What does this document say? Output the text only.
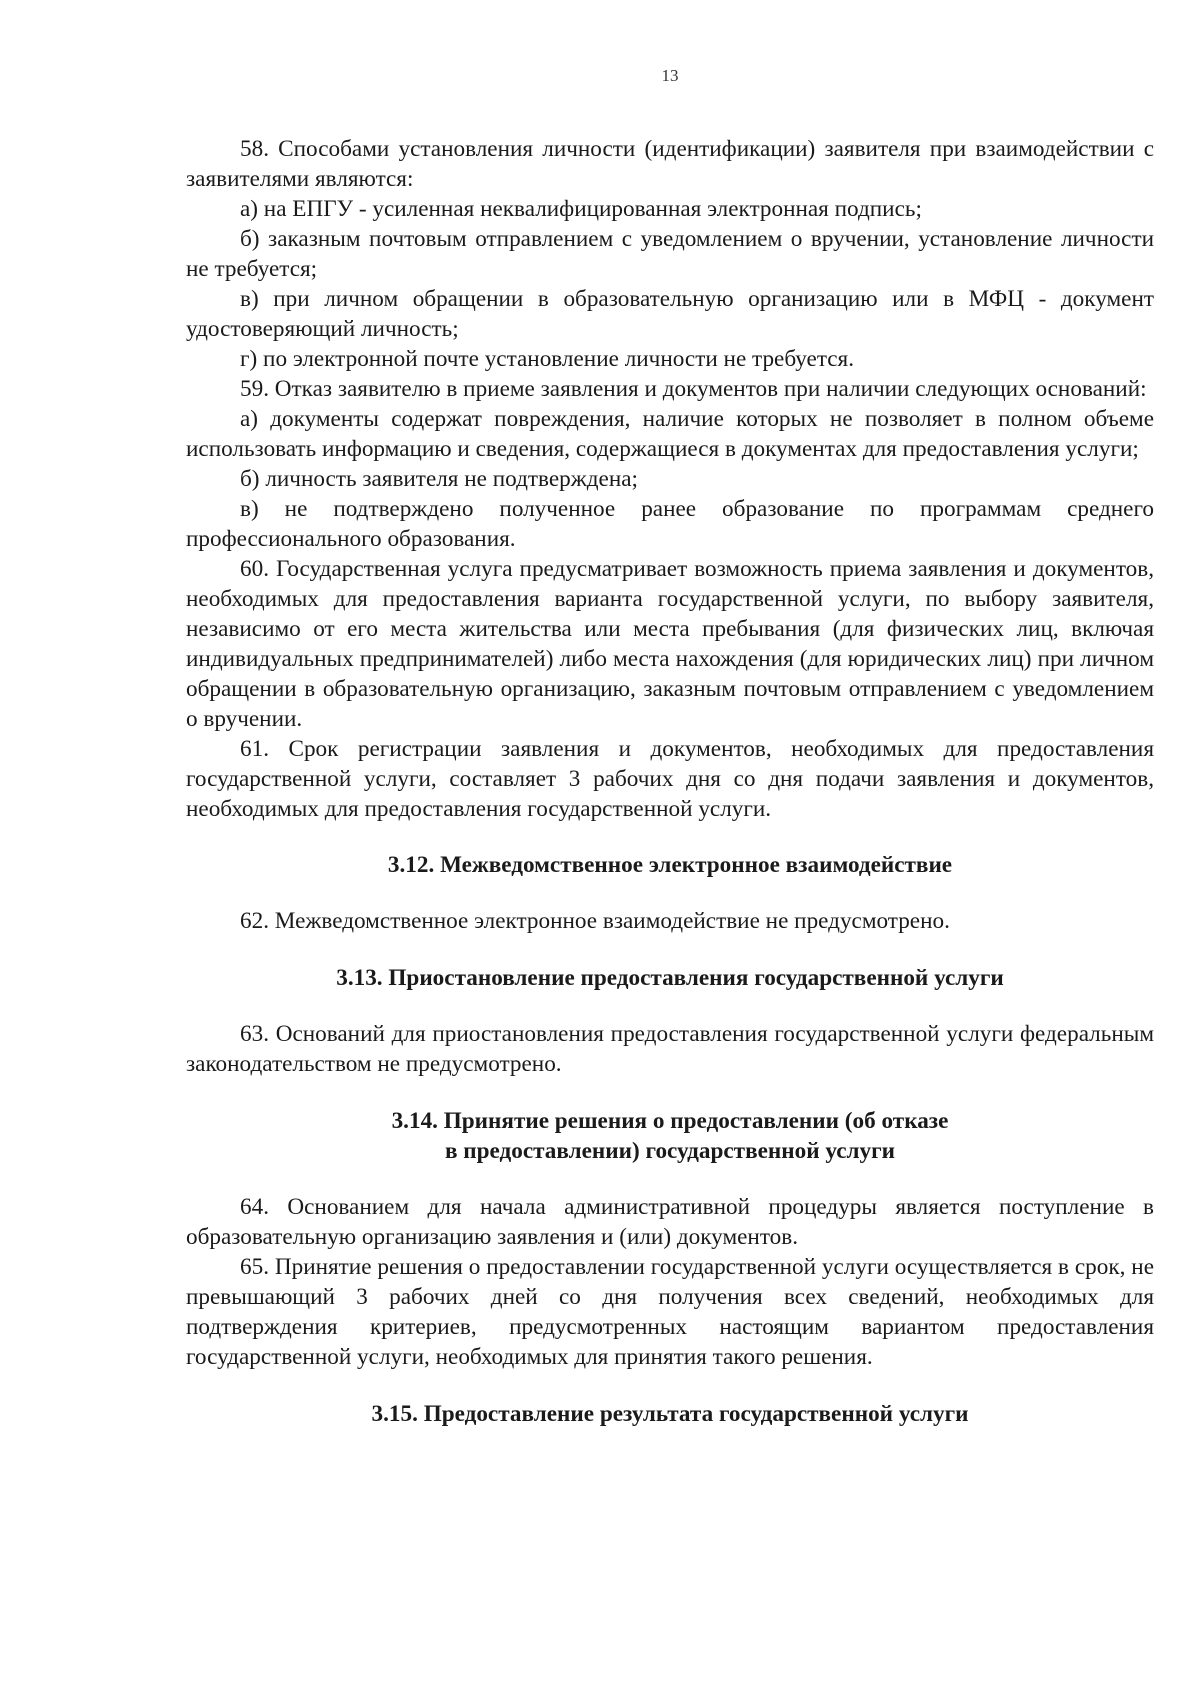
13

58. Способами установления личности (идентификации) заявителя при взаимодействии с заявителями являются:

а) на ЕПГУ - усиленная неквалифицированная электронная подпись;

б) заказным почтовым отправлением с уведомлением о вручении, установление личности не требуется;

в) при личном обращении в образовательную организацию или в МФЦ - документ удостоверяющий личность;

г) по электронной почте установление личности не требуется.

59. Отказ заявителю в приеме заявления и документов при наличии следующих оснований:

а) документы содержат повреждения, наличие которых не позволяет в полном объеме использовать информацию и сведения, содержащиеся в документах для предоставления услуги;

б) личность заявителя не подтверждена;

в) не подтверждено полученное ранее образование по программам среднего профессионального образования.

60. Государственная услуга предусматривает возможность приема заявления и документов, необходимых для предоставления варианта государственной услуги, по выбору заявителя, независимо от его места жительства или места пребывания (для физических лиц, включая индивидуальных предпринимателей) либо места нахождения (для юридических лиц) при личном обращении в образовательную организацию, заказным почтовым отправлением с уведомлением о вручении.

61. Срок регистрации заявления и документов, необходимых для предоставления государственной услуги, составляет 3 рабочих дня со дня подачи заявления и документов, необходимых для предоставления государственной услуги.

3.12. Межведомственное электронное взаимодействие

62. Межведомственное электронное взаимодействие не предусмотрено.

3.13. Приостановление предоставления государственной услуги

63. Оснований для приостановления предоставления государственной услуги федеральным законодательством не предусмотрено.

3.14. Принятие решения о предоставлении (об отказе
в предоставлении) государственной услуги

64. Основанием для начала административной процедуры является поступление в образовательную организацию заявления и (или) документов.

65. Принятие решения о предоставлении государственной услуги осуществляется в срок, не превышающий 3 рабочих дней со дня получения всех сведений, необходимых для подтверждения критериев, предусмотренных настоящим вариантом предоставления государственной услуги, необходимых для принятия такого решения.

3.15. Предоставление результата государственной услуги
